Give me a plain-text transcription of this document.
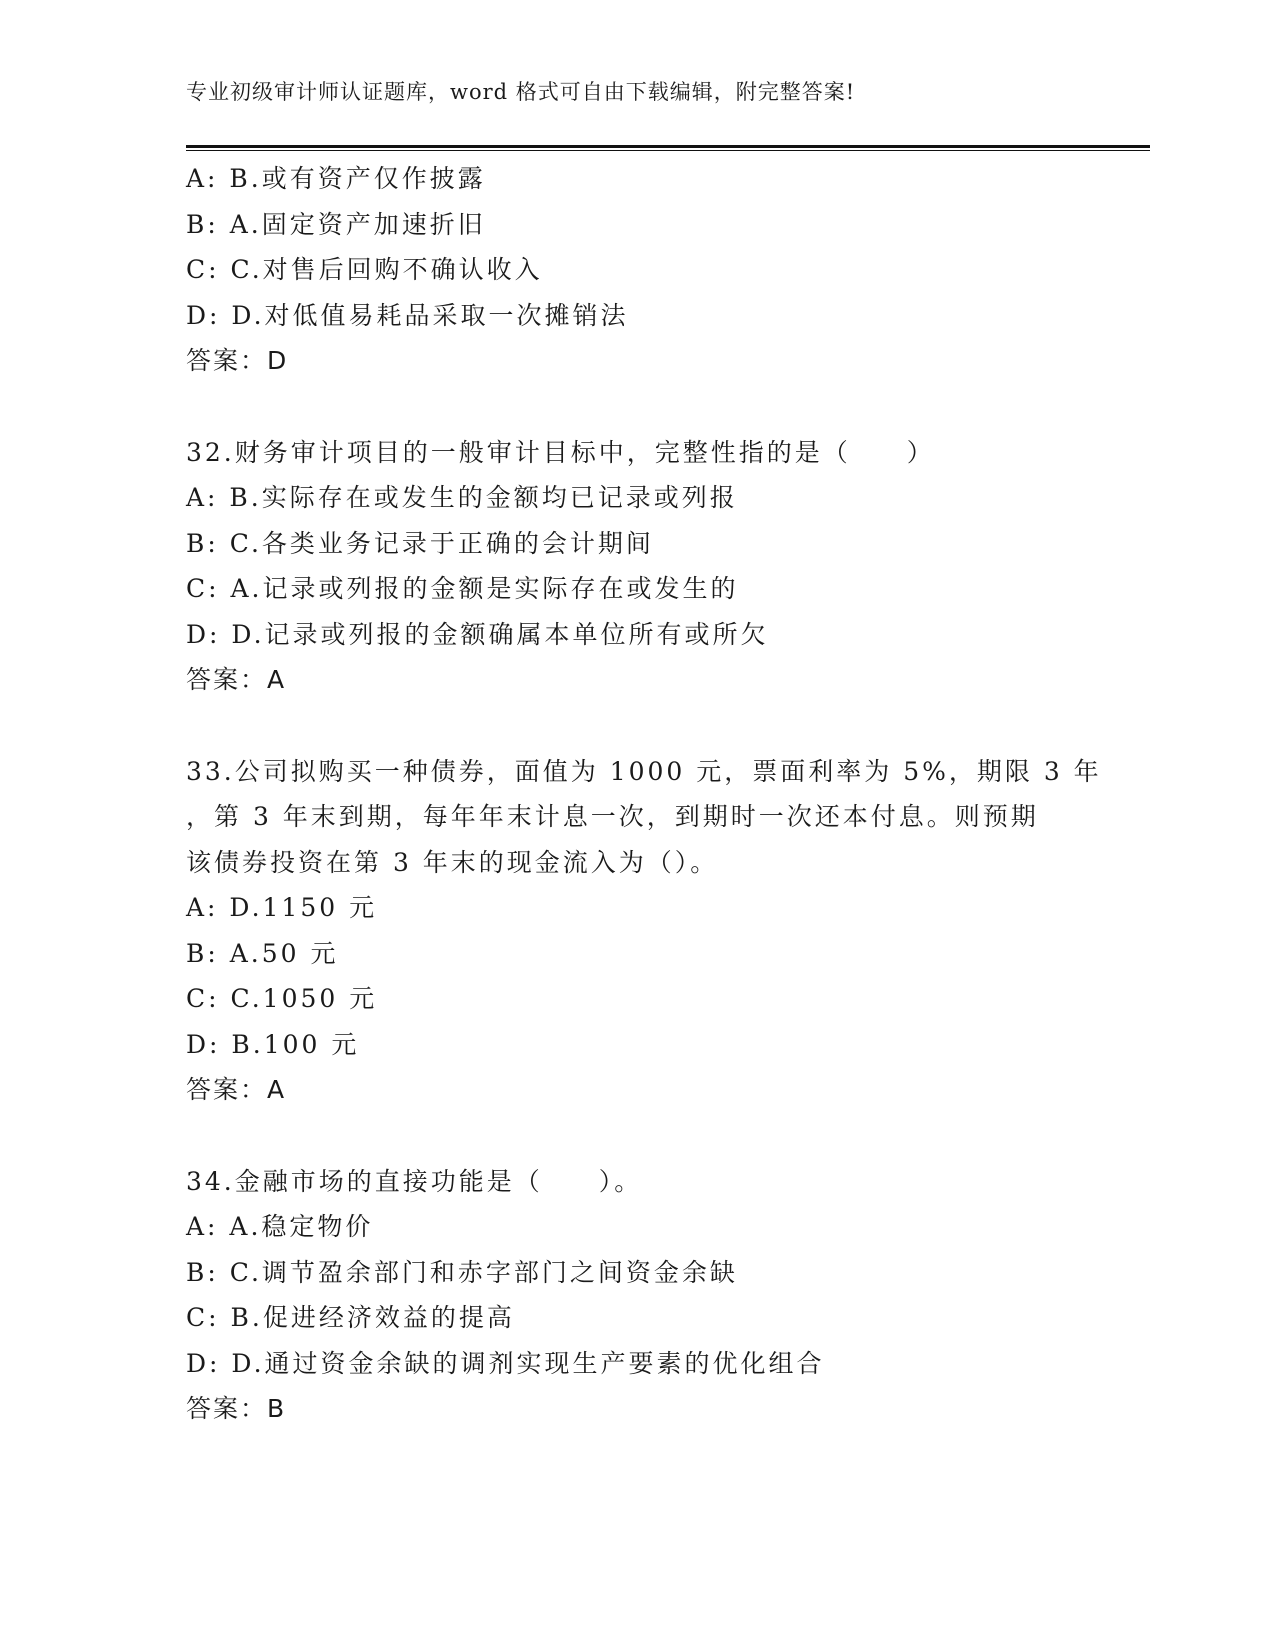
专业初级审计师认证题库，word 格式可自由下载编辑，附完整答案!
A: B.或有资产仅作披露
B: A.固定资产加速折旧
C: C.对售后回购不确认收入
D: D.对低值易耗品采取一次摊销法
答案：D
32.财务审计项目的一般审计目标中，完整性指的是（　　）
A: B.实际存在或发生的金额均已记录或列报
B: C.各类业务记录于正确的会计期间
C: A.记录或列报的金额是实际存在或发生的
D: D.记录或列报的金额确属本单位所有或所欠
答案：A
33.公司拟购买一种债券，面值为 1000 元，票面利率为 5%，期限 3 年
，第 3 年末到期，每年年末计息一次，到期时一次还本付息。则预期
该债券投资在第 3 年末的现金流入为（）。
A: D.1150 元
B: A.50 元
C: C.1050 元
D: B.100 元
答案：A
34.金融市场的直接功能是（　　）。
A: A.稳定物价
B: C.调节盈余部门和赤字部门之间资金余缺
C: B.促进经济效益的提高
D: D.通过资金余缺的调剂实现生产要素的优化组合
答案：B
